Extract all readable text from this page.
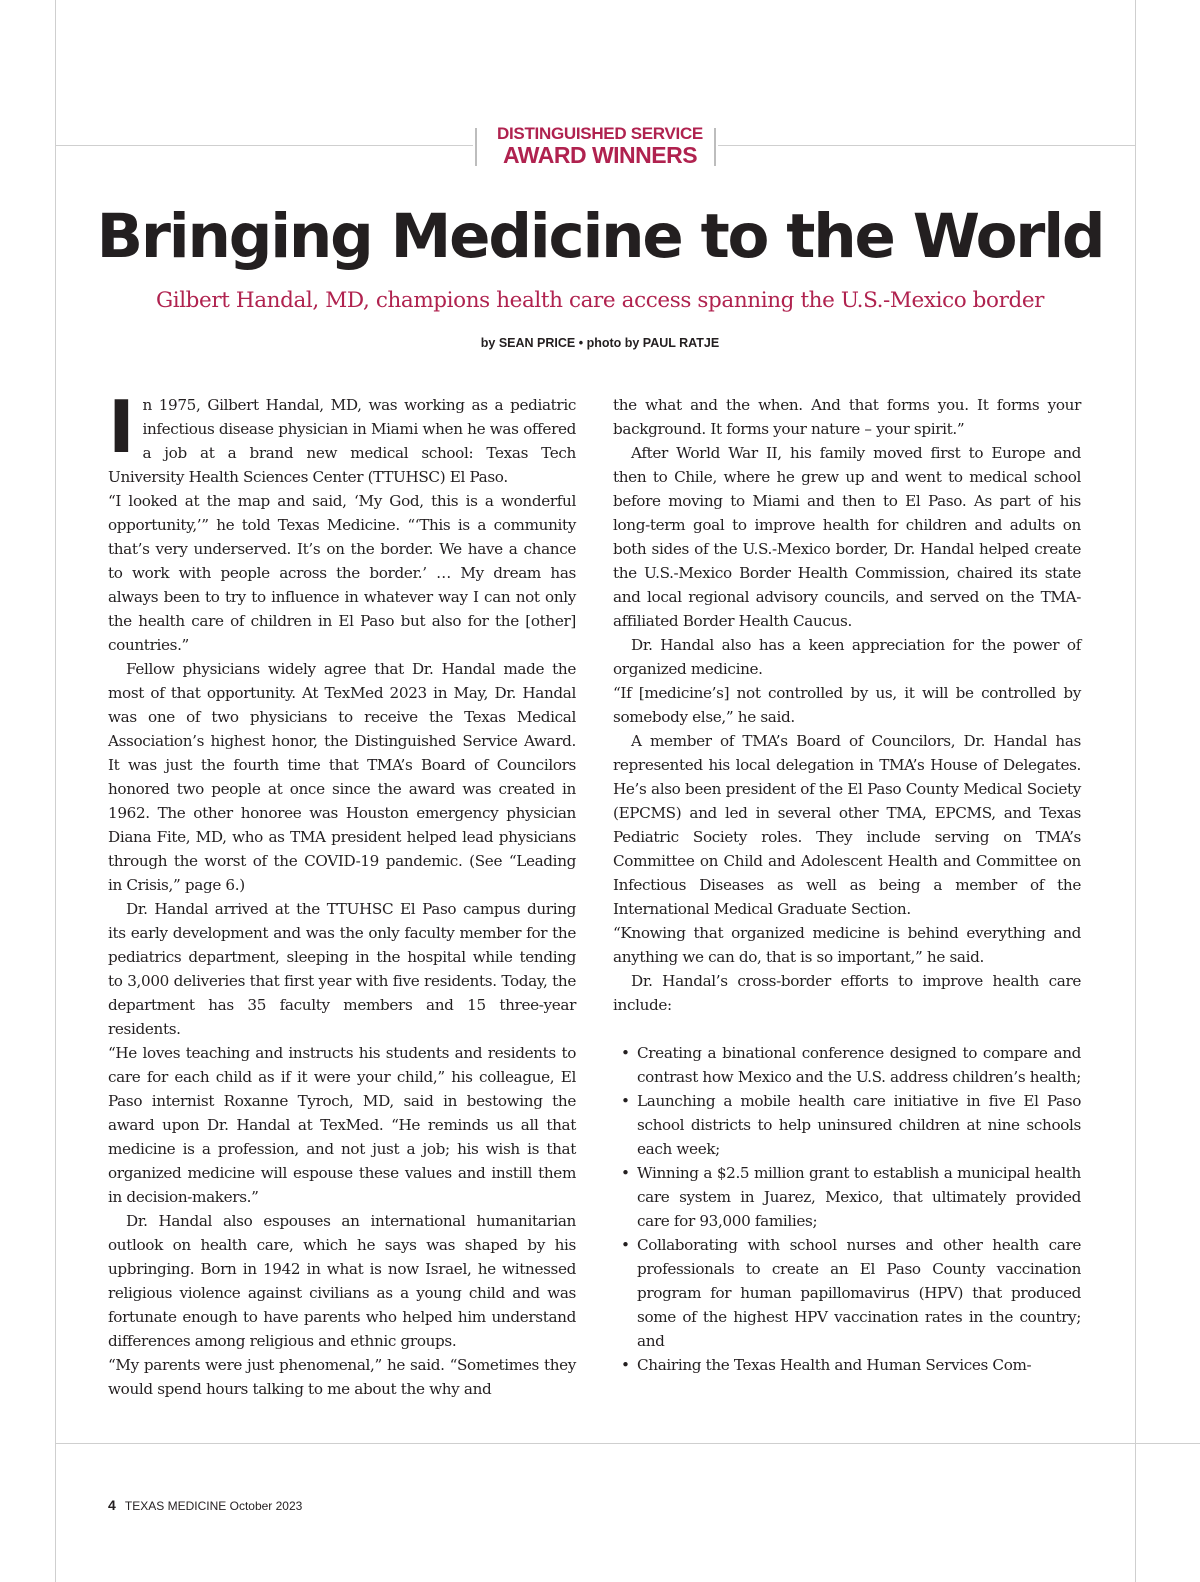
DISTINGUISHED SERVICE
AWARD WINNERS
Bringing Medicine to the World
Gilbert Handal, MD, champions health care access spanning the U.S.-Mexico border
by SEAN PRICE • photo by PAUL RATJE
I n 1975, Gilbert Handal, MD, was working as a pediatric infectious disease physician in Miami when he was offered a job at a brand new medical school: Texas Tech University Health Sciences Center (TTUHSC) El Paso.

“I looked at the map and said, ‘My God, this is a wonderful opportunity,’” he told Texas Medicine. “‘This is a community that’s very underserved. It’s on the border. We have a chance to work with people across the border.’ … My dream has always been to try to influence in whatever way I can not only the health care of children in El Paso but also for the [other] countries.”

Fellow physicians widely agree that Dr. Handal made the most of that opportunity. At TexMed 2023 in May, Dr. Handal was one of two physicians to receive the Texas Medical Association’s highest honor, the Distinguished Service Award. It was just the fourth time that TMA’s Board of Councilors honored two people at once since the award was created in 1962. The other honoree was Houston emergency physician Diana Fite, MD, who as TMA president helped lead physicians through the worst of the COVID-19 pandemic. (See “Leading in Crisis,” page 6.)

Dr. Handal arrived at the TTUHSC El Paso campus during its early development and was the only faculty member for the pediatrics department, sleeping in the hospital while tending to 3,000 deliveries that first year with five residents. Today, the department has 35 faculty members and 15 three-year residents.

“He loves teaching and instructs his students and residents to care for each child as if it were your child,” his colleague, El Paso internist Roxanne Tyroch, MD, said in bestowing the award upon Dr. Handal at TexMed. “He reminds us all that medicine is a profession, and not just a job; his wish is that organized medicine will espouse these values and instill them in decision-makers.”

Dr. Handal also espouses an international humanitarian outlook on health care, which he says was shaped by his upbringing. Born in 1942 in what is now Israel, he witnessed religious violence against civilians as a young child and was fortunate enough to have parents who helped him understand differences among religious and ethnic groups.

“My parents were just phenomenal,” he said. “Sometimes they would spend hours talking to me about the why and

the what and the when. And that forms you. It forms your background. It forms your nature – your spirit.”

After World War II, his family moved first to Europe and then to Chile, where he grew up and went to medical school before moving to Miami and then to El Paso. As part of his long-term goal to improve health for children and adults on both sides of the U.S.-Mexico border, Dr. Handal helped create the U.S.-Mexico Border Health Commission, chaired its state and local regional advisory councils, and served on the TMA-affiliated Border Health Caucus.

Dr. Handal also has a keen appreciation for the power of organized medicine.

“If [medicine’s] not controlled by us, it will be controlled by somebody else,” he said.

A member of TMA’s Board of Councilors, Dr. Handal has represented his local delegation in TMA’s House of Delegates. He’s also been president of the El Paso County Medical Society (EPCMS) and led in several other TMA, EPCMS, and Texas Pediatric Society roles. They include serving on TMA’s Committee on Child and Adolescent Health and Committee on Infectious Diseases as well as being a member of the International Medical Graduate Section.

“Knowing that organized medicine is behind everything and anything we can do, that is so important,” he said.

Dr. Handal’s cross-border efforts to improve health care include:

• Creating a binational conference designed to compare and contrast how Mexico and the U.S. address children’s health;
• Launching a mobile health care initiative in five El Paso school districts to help uninsured children at nine schools each week;
• Winning a $2.5 million grant to establish a municipal health care system in Juarez, Mexico, that ultimately provided care for 93,000 families;
• Collaborating with school nurses and other health care professionals to create an El Paso County vaccination program for human papillomavirus (HPV) that produced some of the highest HPV vaccination rates in the country; and
• Chairing the Texas Health and Human Services Com-
4 TEXAS MEDICINE October 2023
